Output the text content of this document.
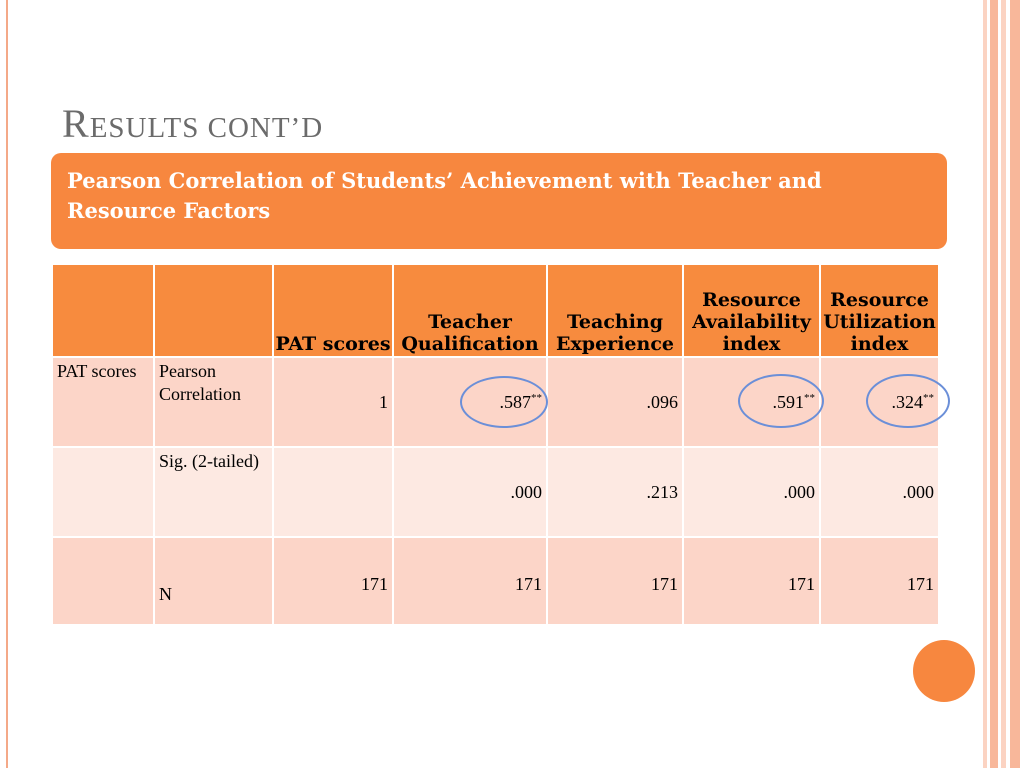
RESULTS CONT’D
Pearson Correlation of Students’ Achievement with Teacher and Resource Factors
		PAT scores	Teacher Qualification	Teaching Experience	Resource Availability index	Resource Utilization index
PAT scores	Pearson Correlation	1	.587**	.096	.591**	.324**
	Sig. (2-tailed)		.000	.213	.000	.000
	N	171	171	171	171	171
